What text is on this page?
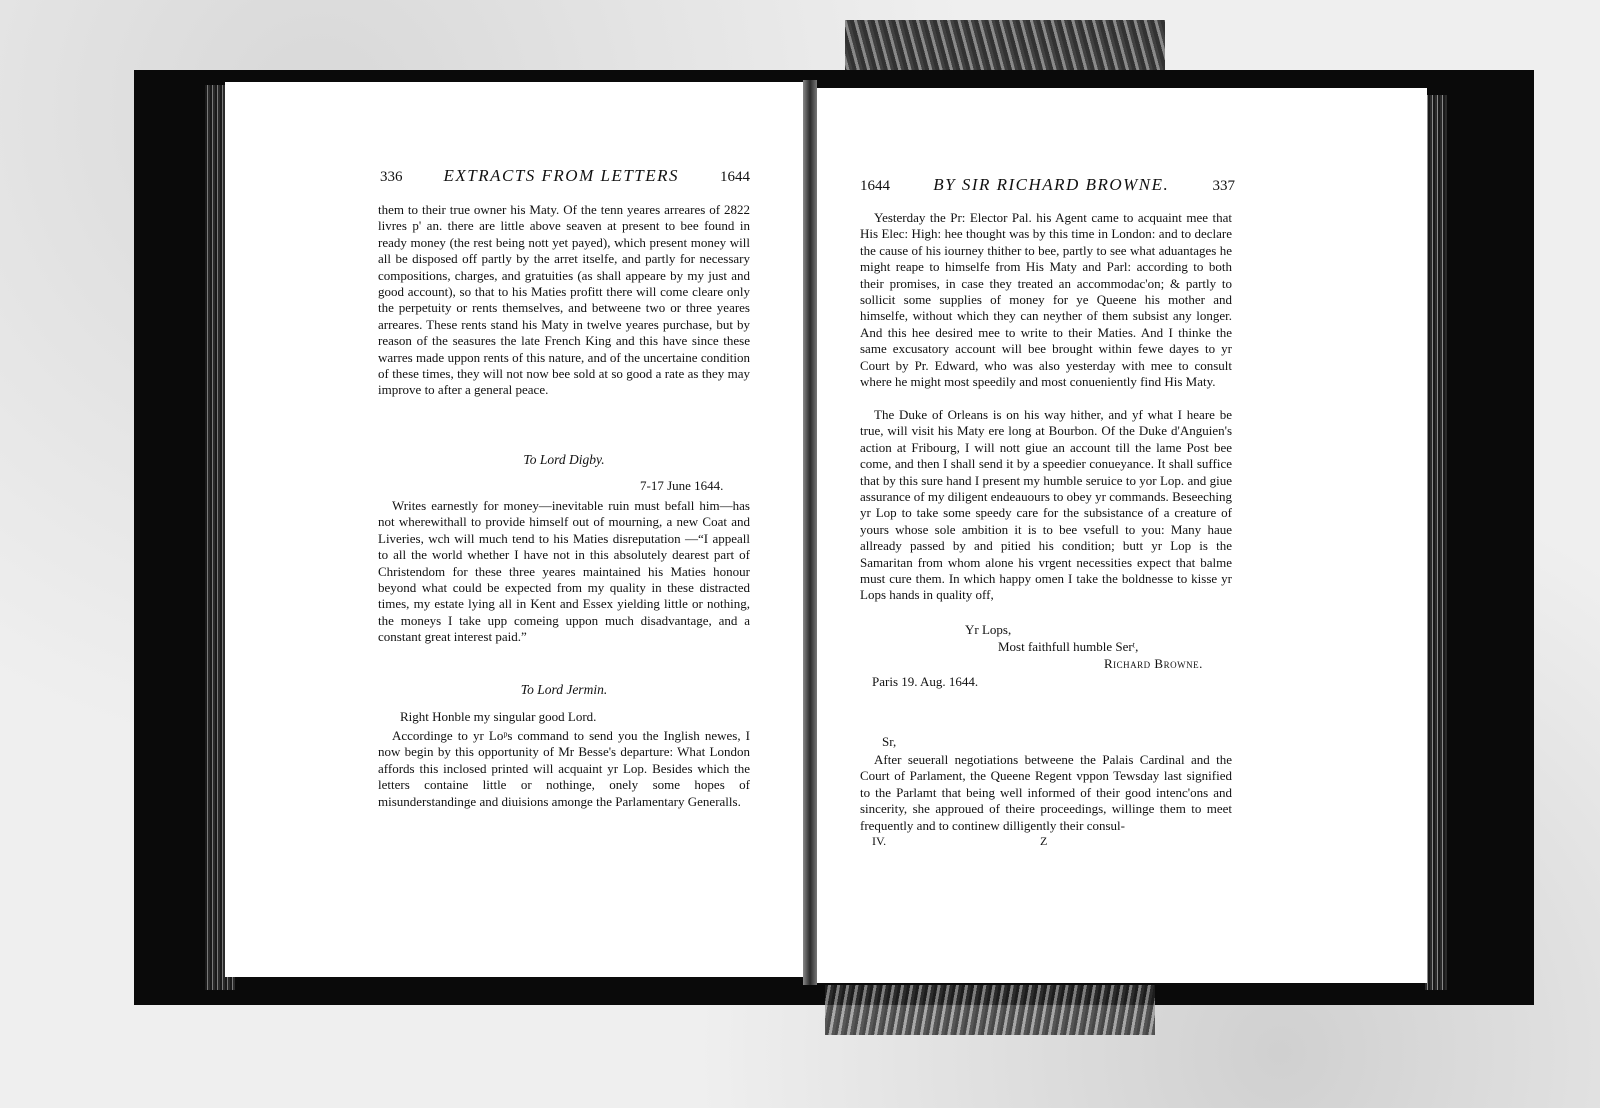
336 EXTRACTS FROM LETTERS	1644

them to their true owner his Maty. Of the tenn yeares arreares of 2822 livres p' an. there are little above seaven at present to bee found in ready money (the rest being nott yet payed), which present money will all be disposed off partly by the arret itselfe, and partly for necessary compositions, charges, and gratuities (as shall appeare by my just and good account), so that to his Maties profitt there will come cleare only the perpetuity or rents themselves, and betweene two or three yeares arreares. These rents stand his Maty in twelve yeares purchase, but by reason of the seasures the late French King and this have since these warres made uppon rents of this nature, and of the uncertaine condition of these times, they will not now bee sold at so good a rate as they may improve to after a general peace.

To Lord Digby.
7-17 June 1644.

Writes earnestly for money—inevitable ruin must befall him—has not wherewithall to provide himself out of mourning, a new Coat and Liveries, wch will much tend to his Maties disreputation —“I appeall to all the world whether I have not in this absolutely dearest part of Christendom for these three yeares maintained his Maties honour beyond what could be expected from my quality in these distracted times, my estate lying all in Kent and Essex yielding little or nothing, the moneys I take upp comeing uppon much disadvantage, and a constant great interest paid.”

To Lord Jermin.
Right Honble my singular good Lord.

Accordinge to yr Loᵖs command to send you the Inglish newes, I now begin by this opportunity of Mr Besse's departure: What London affords this inclosed printed will acquaint yr Lop. Besides which the letters containe little or nothinge, onely some hopes of misunderstandinge and diuisions amonge the Parlamentary Generalls.

1644	BY SIR RICHARD BROWNE.	337

Yesterday the Pr: Elector Pal. his Agent came to acquaint mee that His Elec: High: hee thought was by this time in London: and to declare the cause of his iourney thither to bee, partly to see what aduantages he might reape to himselfe from His Maty and Parl: according to both their promises, in case they treated an accommodac'on; & partly to sollicit some supplies of money for ye Queene his mother and himselfe, without which they can neyther of them subsist any longer. And this hee desired mee to write to their Maties. And I thinke the same excusatory account will bee brought within fewe dayes to yr Court by Pr. Edward, who was also yesterday with mee to consult where he might most speedily and most conueniently find His Maty.

The Duke of Orleans is on his way hither, and yf what I heare be true, will visit his Maty ere long at Bourbon. Of the Duke d'Anguien's action at Fribourg, I will nott giue an account till the lame Post bee come, and then I shall send it by a speedier conueyance. It shall suffice that by this sure hand I present my humble seruice to yor Lop. and giue assurance of my diligent endeauours to obey yr commands. Beseeching yr Lop to take some speedy care for the subsistance of a creature of yours whose sole ambition it is to bee vsefull to you: Many haue allready passed by and pitied his condition; butt yr Lop is the Samaritan from whom alone his vrgent necessities expect that balme must cure them. In which happy omen I take the boldnesse to kisse yr Lops hands in quality off,

Yr Lops,
Most faithfull humble Serᵗ,
Richard Browne.
Paris 19. Aug. 1644.
Sr,

After seuerall negotiations betweene the Palais Cardinal and the Court of Parlament, the Queene Regent vppon Tewsday last signified to the Parlamt that being well informed of their good intenc'ons and sincerity, she approued of theire proceedings, willinge them to meet frequently and to continew dilligently their consul-

IV.	Z
